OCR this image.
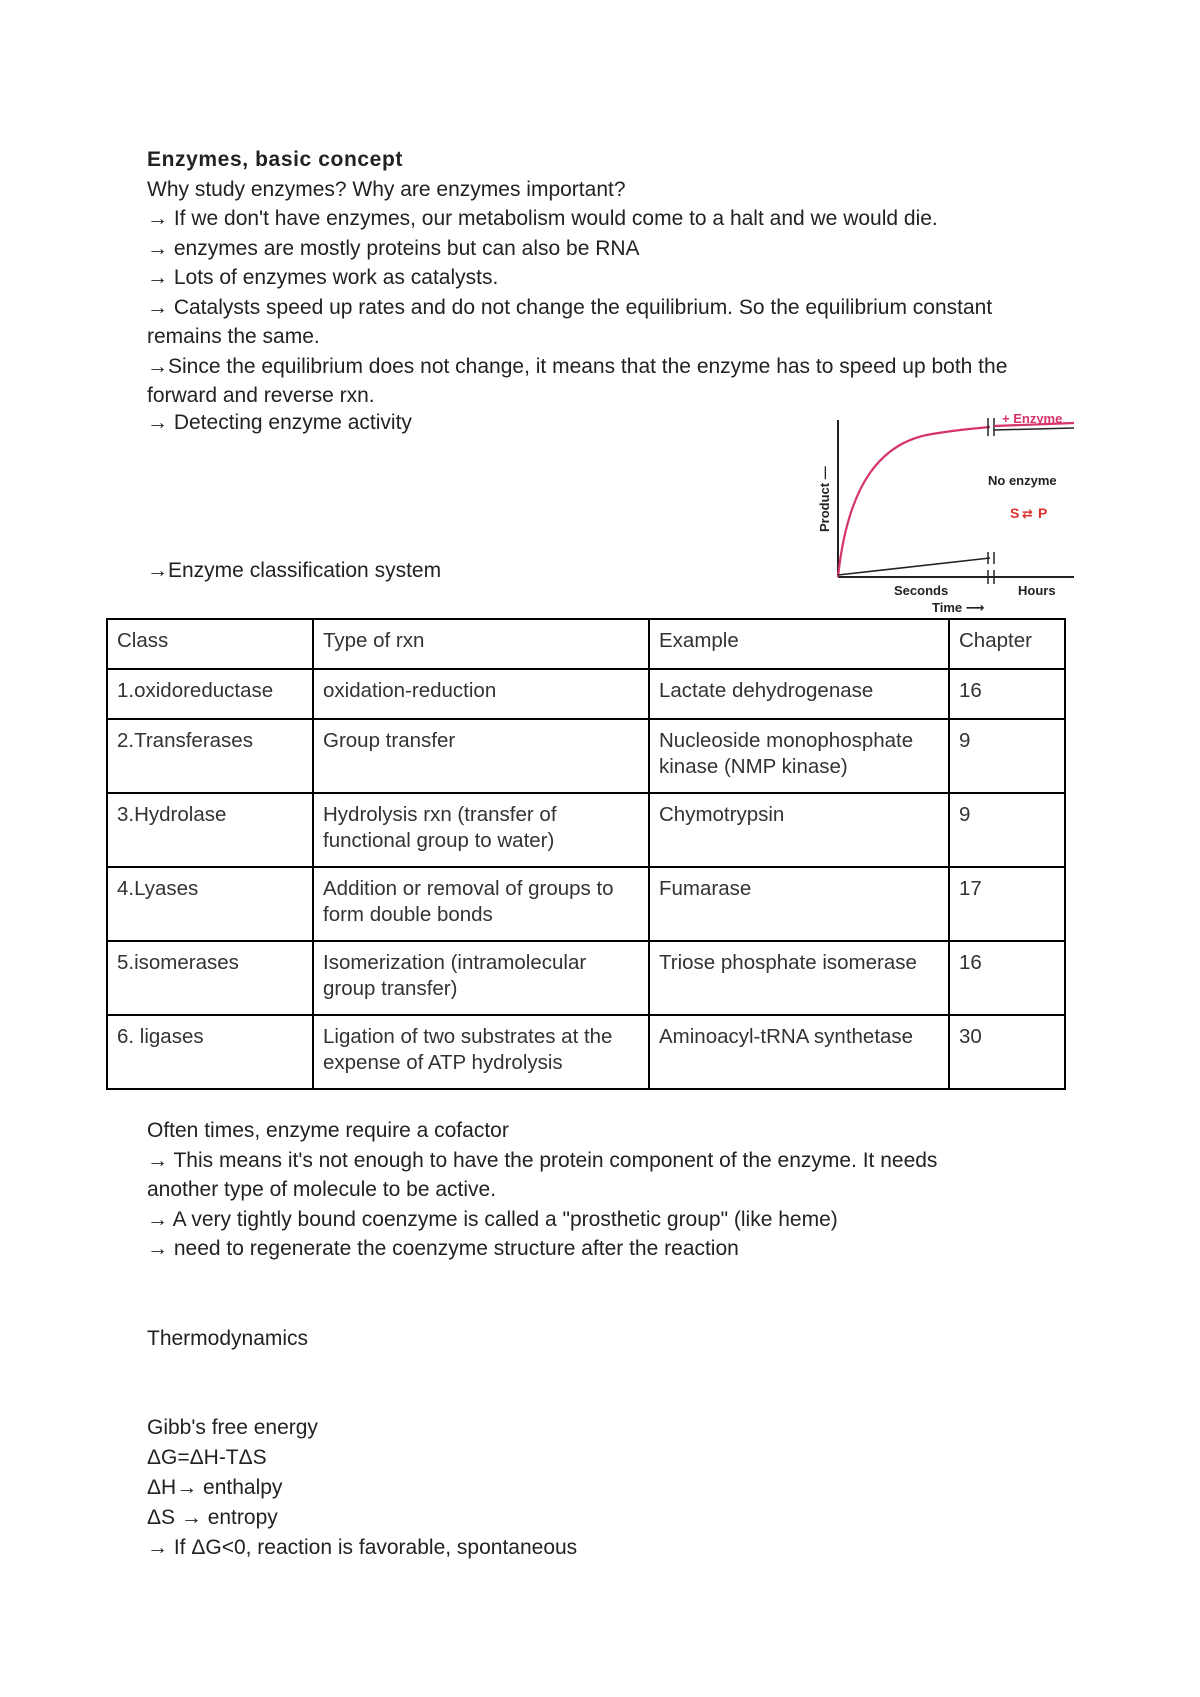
Enzymes, basic concept
Why study enzymes? Why are enzymes important?
→ If we don't have enzymes, our metabolism would come to a halt and we would die.
→ enzymes are mostly proteins but can also be RNA
→ Lots of enzymes work as catalysts.
→ Catalysts speed up rates and do not change the equilibrium. So the equilibrium constant
remains the same.
→Since the equilibrium does not change, it means that the enzyme has to speed up both the
forward and reverse rxn.
→ Detecting enzyme activity
→Enzyme classification system
+ Enzyme
No enzyme
S ⇄ P
Product —
Seconds	Hours
Time ⟶
Class	Type of rxn	Example	Chapter
1.oxidoreductase	oxidation-reduction	Lactate dehydrogenase	16
2.Transferases	Group transfer	Nucleoside monophosphate kinase (NMP kinase)	9
3.Hydrolase	Hydrolysis rxn (transfer of functional group to water)	Chymotrypsin	9
4.Lyases	Addition or removal of groups to form double bonds	Fumarase	17
5.isomerases	Isomerization (intramolecular group transfer)	Triose phosphate isomerase	16
6. ligases	Ligation of two substrates at the expense of ATP hydrolysis	Aminoacyl-tRNA synthetase	30
Often times, enzyme require a cofactor
→ This means it's not enough to have the protein component of the enzyme. It needs
another type of molecule to be active.
→ A very tightly bound coenzyme is called a "prosthetic group" (like heme)
→ need to regenerate the coenzyme structure after the reaction
Thermodynamics
Gibb's free energy
ΔG=ΔH-TΔS
ΔH→ enthalpy
ΔS → entropy
→ If ΔG<0, reaction is favorable, spontaneous
